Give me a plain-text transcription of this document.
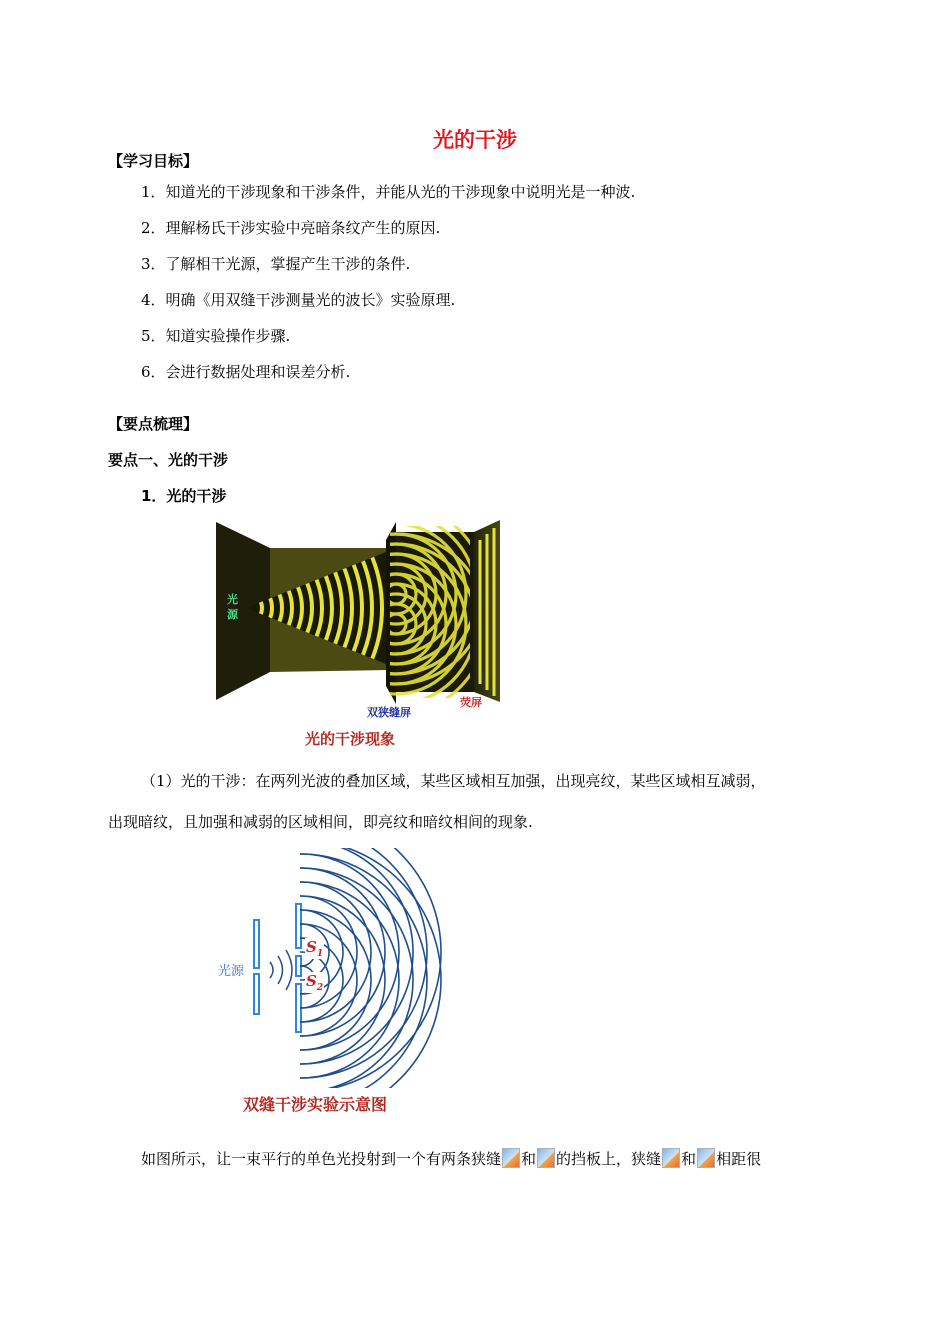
光的干涉
【学习目标】
1．知道光的干涉现象和干涉条件，并能从光的干涉现象中说明光是一种波.
2．理解杨氏干涉实验中亮暗条纹产生的原因.
3．了解相干光源，掌握产生干涉的条件.
4．明确《用双缝干涉测量光的波长》实验原理.
5．知道实验操作步骤.
6．会进行数据处理和误差分析.
【要点梳理】
要点一、光的干涉
1．光的干涉
光
源
双狭缝屏
荧屏
光的干涉现象
（1）光的干涉：在两列光波的叠加区域，某些区域相互加强，出现亮纹，某些区域相互减弱，
出现暗纹，且加强和减弱的区域相间，即亮纹和暗纹相间的现象.
光源
$S_1$
$S_2$
双缝干涉实验示意图
如图所示，让一束平行的单色光投射到一个有两条狭缝 和 的挡板上，狭缝 和 相距很
